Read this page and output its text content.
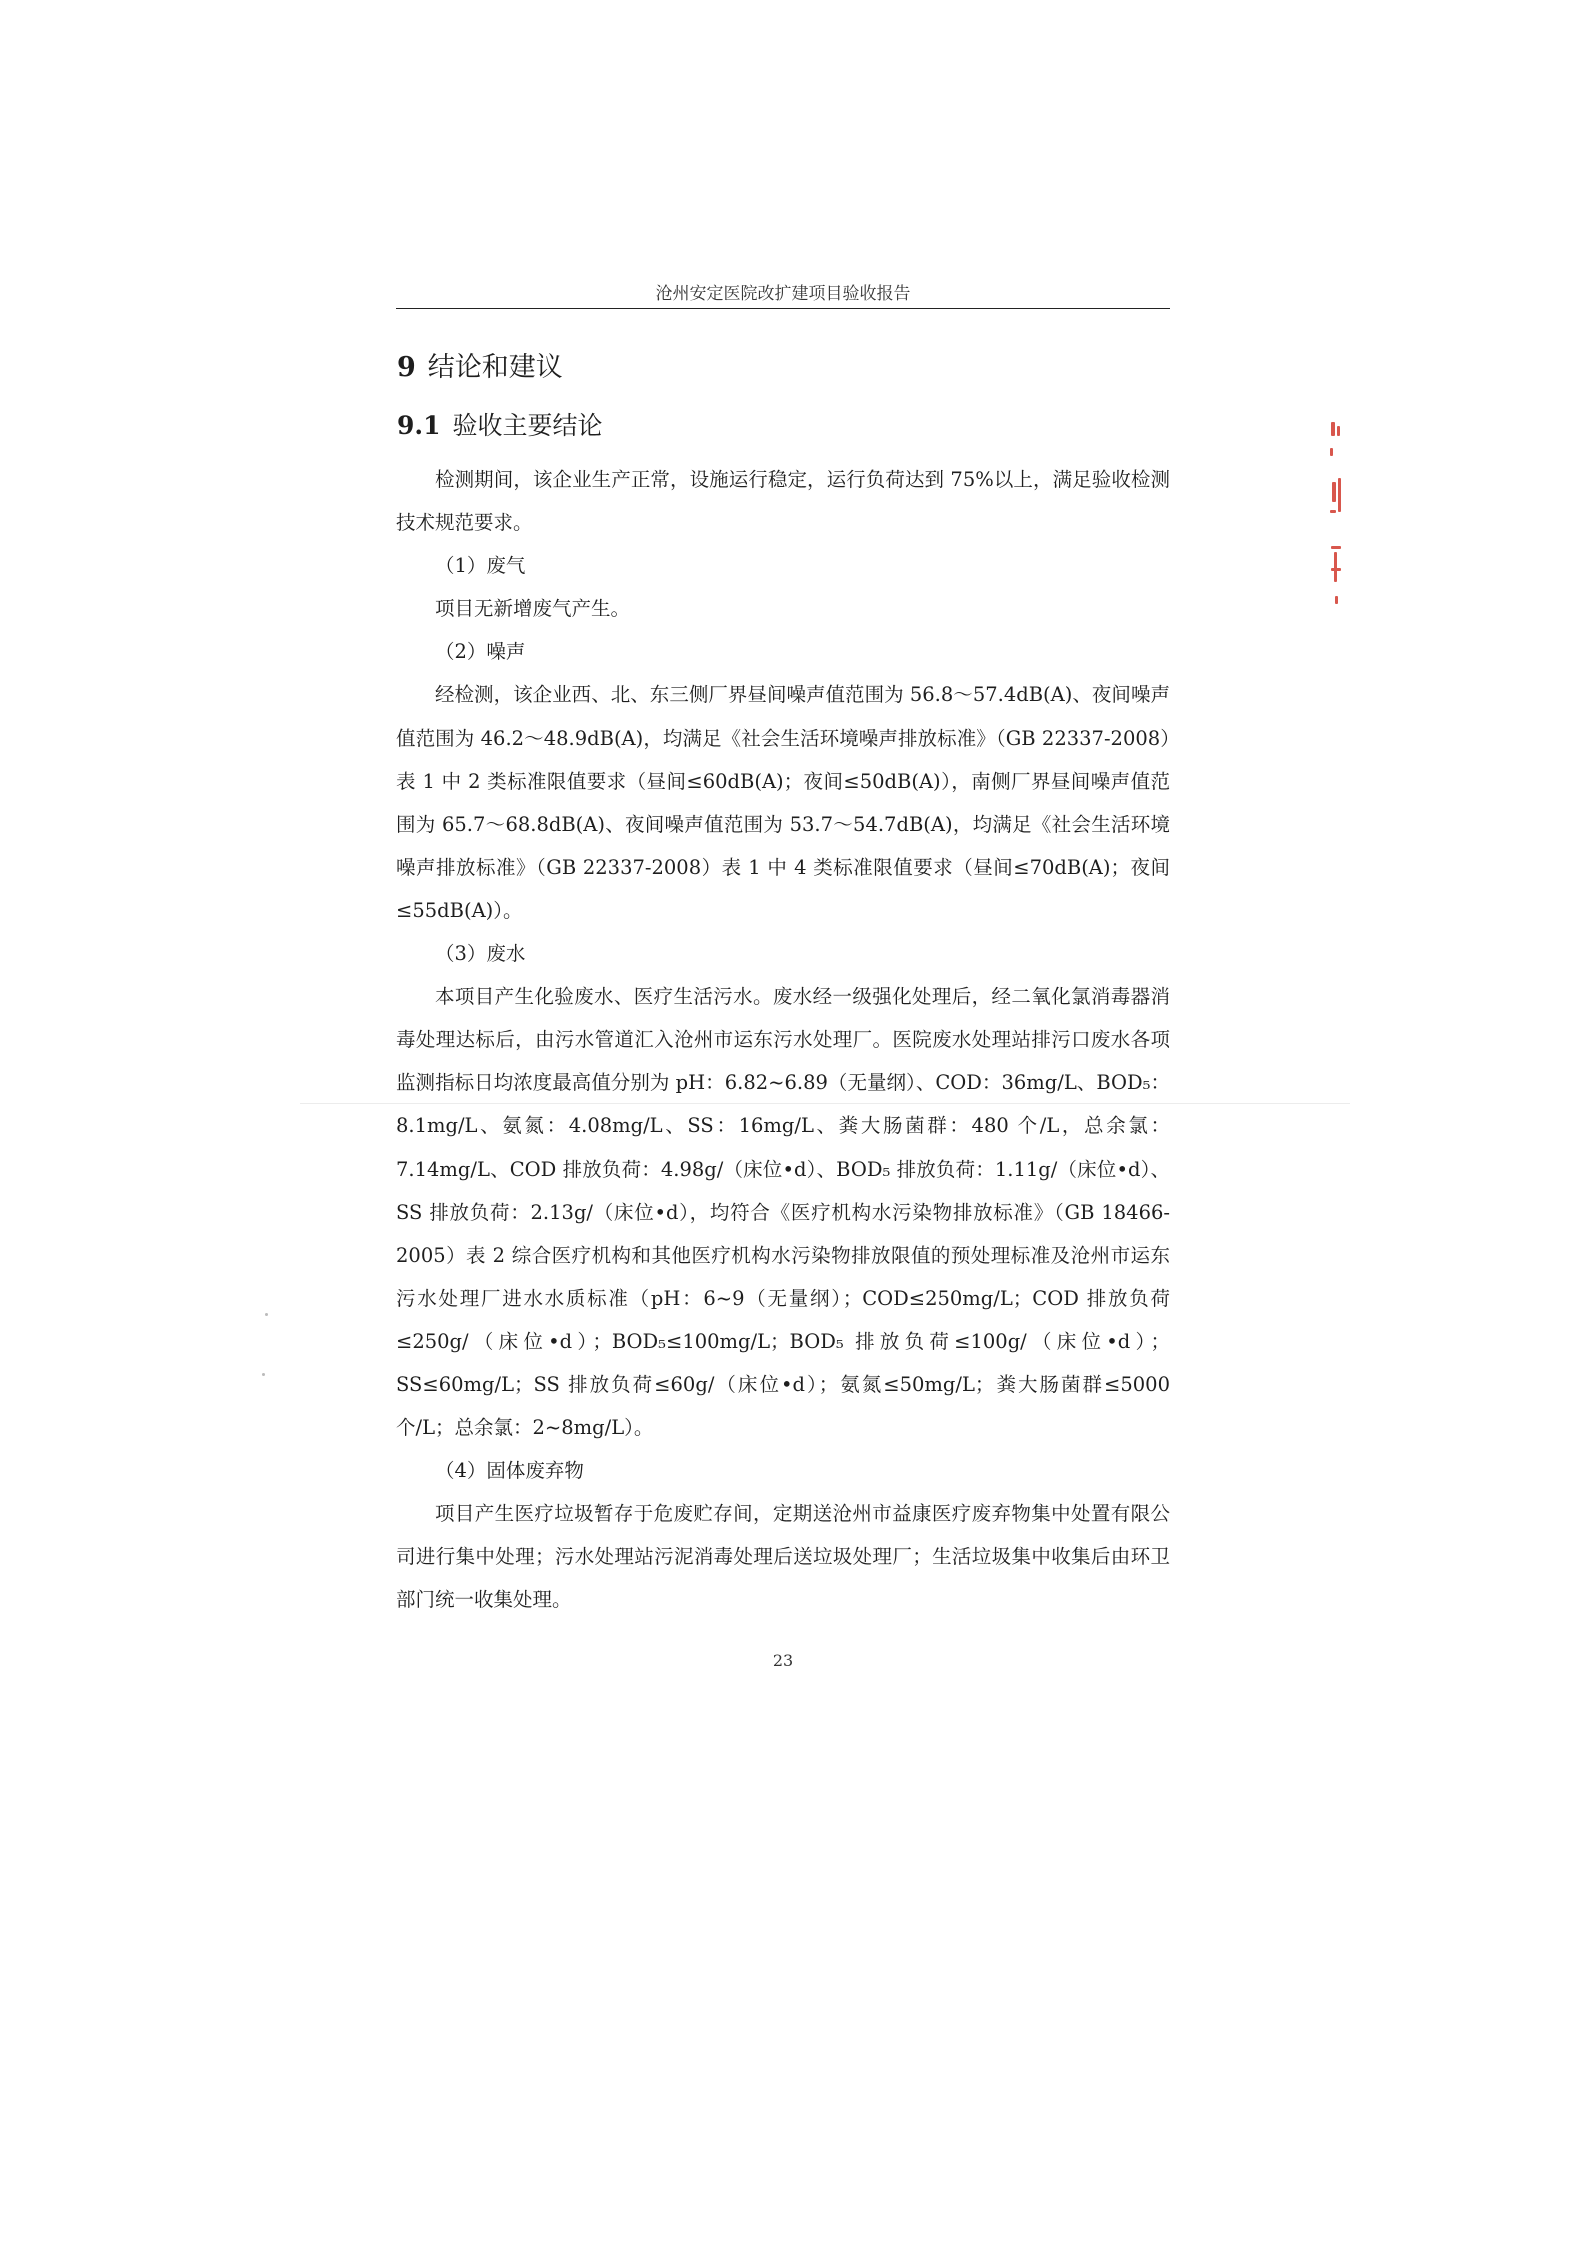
沧州安定医院改扩建项目验收报告
9 结论和建议
9.1 验收主要结论

检测期间，该企业生产正常，设施运行稳定，运行负荷达到 75%以上，满足验收检测技术规范要求。

（1）废气

项目无新增废气产生。

（2）噪声

经检测，该企业西、北、东三侧厂界昼间噪声值范围为 56.8～57.4dB(A)、夜间噪声值范围为 46.2～48.9dB(A)，均满足《社会生活环境噪声排放标准》（GB 22337-2008）表 1 中 2 类标准限值要求（昼间≤60dB(A)；夜间≤50dB(A)），南侧厂界昼间噪声值范围为 65.7～68.8dB(A)、夜间噪声值范围为 53.7～54.7dB(A)，均满足《社会生活环境噪声排放标准》（GB 22337-2008）表 1 中 4 类标准限值要求（昼间≤70dB(A)；夜间≤55dB(A)）。

（3）废水

本项目产生化验废水、医疗生活污水。废水经一级强化处理后，经二氧化氯消毒器消毒处理达标后，由污水管道汇入沧州市运东污水处理厂。医院废水处理站排污口废水各项监测指标日均浓度最高值分别为 pH：6.82~6.89（无量纲）、COD：36mg/L、BOD₅：8.1mg/L、氨氮：4.08mg/L、SS：16mg/L、粪大肠菌群：480 个/L，总余氯：7.14mg/L、COD 排放负荷：4.98g/（床位•d）、BOD₅ 排放负荷：1.11g/（床位•d）、SS 排放负荷：2.13g/（床位•d），均符合《医疗机构水污染物排放标准》（GB 18466-2005）表 2 综合医疗机构和其他医疗机构水污染物排放限值的预处理标准及沧州市运东污水处理厂进水水质标准（pH：6~9（无量纲）；COD≤250mg/L；COD 排放负荷≤250g/（床位•d）；BOD₅≤100mg/L；BOD₅ 排放负荷≤100g/（床位•d）；SS≤60mg/L；SS 排放负荷≤60g/（床位•d）；氨氮≤50mg/L；粪大肠菌群≤5000 个/L；总余氯：2~8mg/L）。

（4）固体废弃物

项目产生医疗垃圾暂存于危废贮存间，定期送沧州市益康医疗废弃物集中处置有限公司进行集中处理；污水处理站污泥消毒处理后送垃圾处理厂；生活垃圾集中收集后由环卫部门统一收集处理。

23
